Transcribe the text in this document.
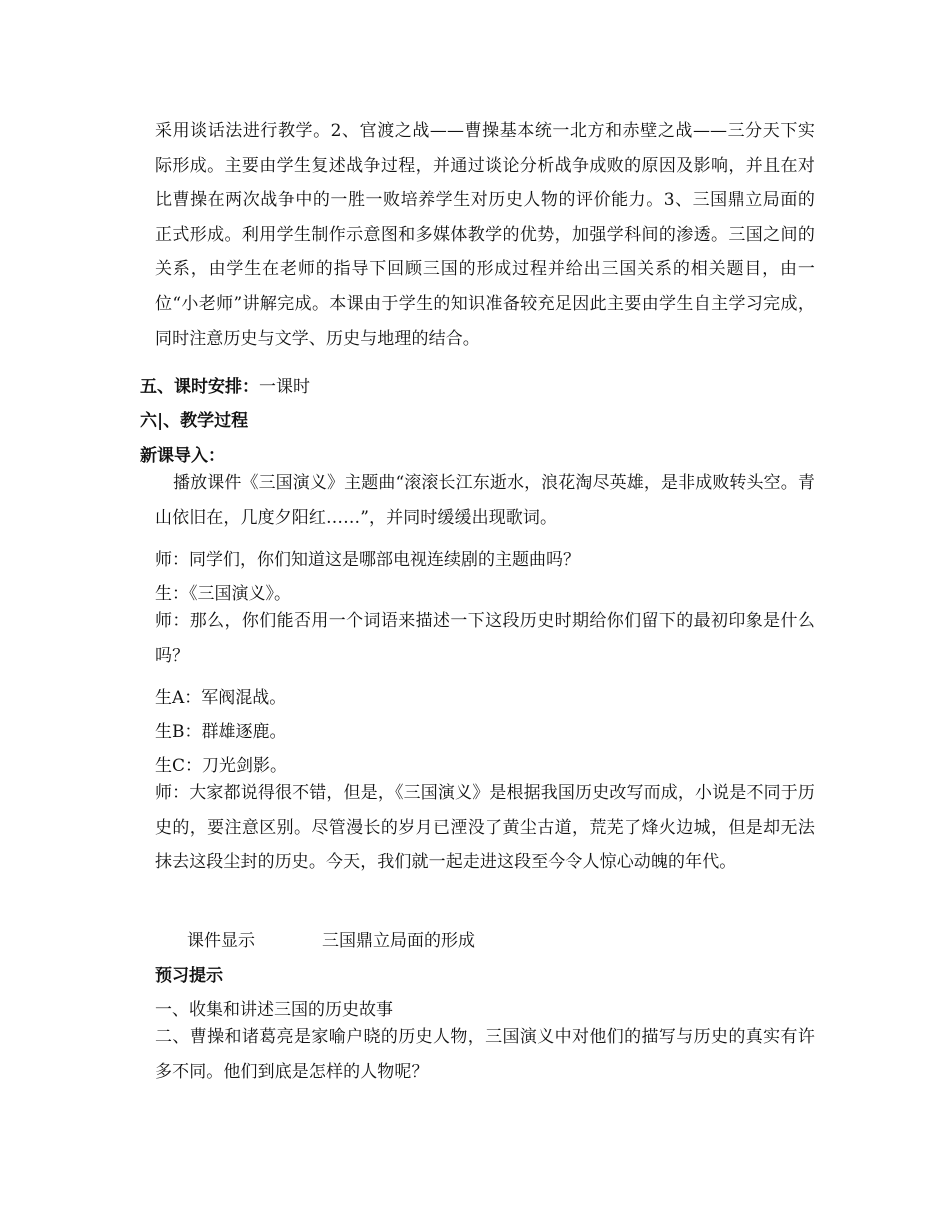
采用谈话法进行教学。2、官渡之战——曹操基本统一北方和赤壁之战——三分天下实际形成。主要由学生复述战争过程，并通过谈论分析战争成败的原因及影响，并且在对比曹操在两次战争中的一胜一败培养学生对历史人物的评价能力。3、三国鼎立局面的正式形成。利用学生制作示意图和多媒体教学的优势，加强学科间的渗透。三国之间的关系，由学生在老师的指导下回顾三国的形成过程并给出三国关系的相关题目，由一位“小老师”讲解完成。本课由于学生的知识准备较充足因此主要由学生自主学习完成，同时注意历史与文学、历史与地理的结合。
五、课时安排：一课时
六|、教学过程
新课导入：
播放课件《三国演义》主题曲“滚滚长江东逝水，浪花淘尽英雄，是非成败转头空。青山依旧在，几度夕阳红……”，并同时缓缓出现歌词。
师：同学们，你们知道这是哪部电视连续剧的主题曲吗？
生：《三国演义》。
师：那么，你们能否用一个词语来描述一下这段历史时期给你们留下的最初印象是什么吗？
生A：军阀混战。
生B：群雄逐鹿。
生C：刀光剑影。
师：大家都说得很不错，但是，《三国演义》是根据我国历史改写而成，小说是不同于历史的，要注意区别。尽管漫长的岁月已湮没了黄尘古道，荒芜了烽火边城，但是却无法抹去这段尘封的历史。今天，我们就一起走进这段至今令人惊心动魄的年代。
课件显示	三国鼎立局面的形成
预习提示
一、收集和讲述三国的历史故事
二、曹操和诸葛亮是家喻户晓的历史人物，三国演义中对他们的描写与历史的真实有许多不同。他们到底是怎样的人物呢？
